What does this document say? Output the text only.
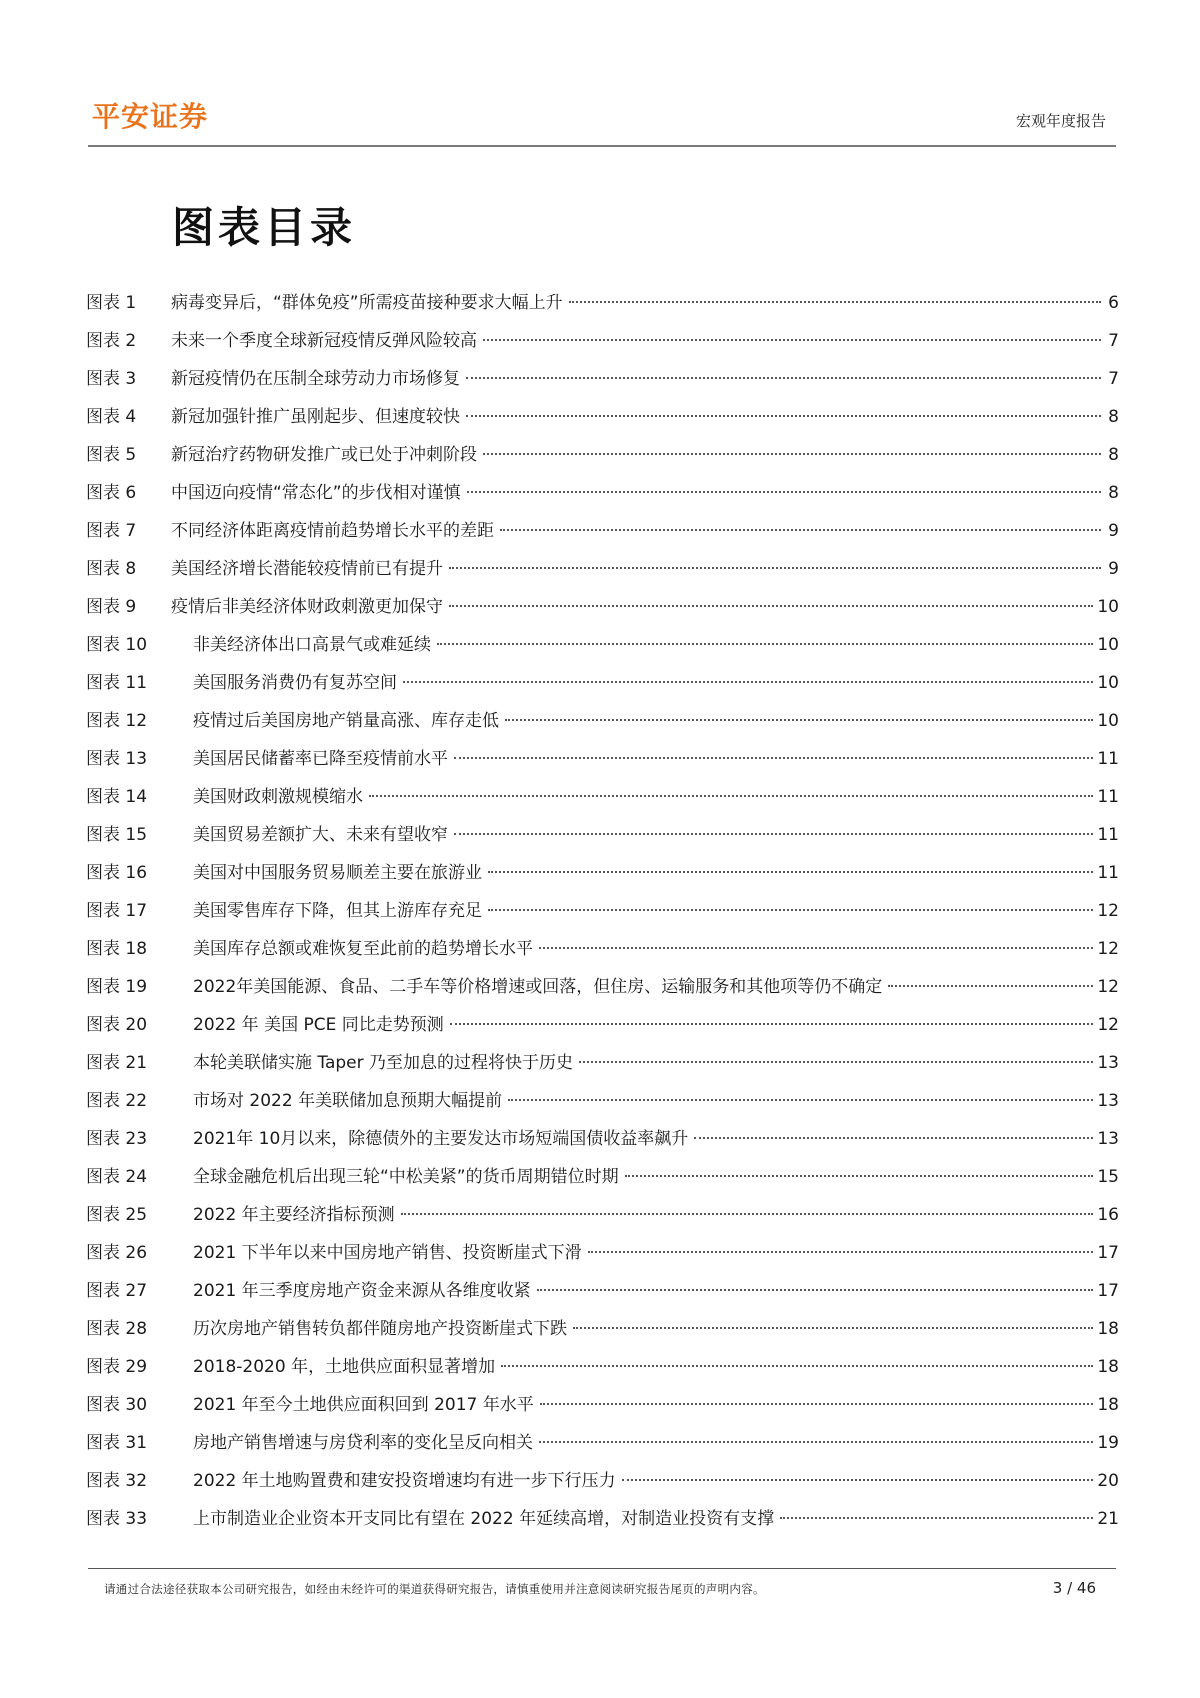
平安证券	宏观年度报告
图表目录
图表 1	病毒变异后，“群体免疫”所需疫苗接种要求大幅上升	6
图表 2	未来一个季度全球新冠疫情反弹风险较高	7
图表 3	新冠疫情仍在压制全球劳动力市场修复	7
图表 4	新冠加强针推广虽刚起步、但速度较快	8
图表 5	新冠治疗药物研发推广或已处于冲刺阶段	8
图表 6	中国迈向疫情“常态化”的步伐相对谨慎	8
图表 7	不同经济体距离疫情前趋势增长水平的差距	9
图表 8	美国经济增长潜能较疫情前已有提升	9
图表 9	疫情后非美经济体财政刺激更加保守	10
图表 10	非美经济体出口高景气或难延续	10
图表 11	美国服务消费仍有复苏空间	10
图表 12	疫情过后美国房地产销量高涨、库存走低	10
图表 13	美国居民储蓄率已降至疫情前水平	11
图表 14	美国财政刺激规模缩水	11
图表 15	美国贸易差额扩大、未来有望收窄	11
图表 16	美国对中国服务贸易顺差主要在旅游业	11
图表 17	美国零售库存下降，但其上游库存充足	12
图表 18	美国库存总额或难恢复至此前的趋势增长水平	12
图表 19	2022年美国能源、食品、二手车等价格增速或回落，但住房、运输服务和其他项等仍不确定	12
图表 20	2022 年 美国 PCE 同比走势预测	12
图表 21	本轮美联储实施 Taper 乃至加息的过程将快于历史	13
图表 22	市场对 2022 年美联储加息预期大幅提前	13
图表 23	2021年 10月以来，除德债外的主要发达市场短端国债收益率飙升	13
图表 24	全球金融危机后出现三轮“中松美紧”的货币周期错位时期	15
图表 25	2022 年主要经济指标预测	16
图表 26	2021 下半年以来中国房地产销售、投资断崖式下滑	17
图表 27	2021 年三季度房地产资金来源从各维度收紧	17
图表 28	历次房地产销售转负都伴随房地产投资断崖式下跌	18
图表 29	2018-2020 年，土地供应面积显著增加	18
图表 30	2021 年至今土地供应面积回到 2017 年水平	18
图表 31	房地产销售增速与房贷利率的变化呈反向相关	19
图表 32	2022 年土地购置费和建安投资增速均有进一步下行压力	20
图表 33	上市制造业企业资本开支同比有望在 2022 年延续高增，对制造业投资有支撑	21
请通过合法途径获取本公司研究报告，如经由未经许可的渠道获得研究报告，请慎重使用并注意阅读研究报告尾页的声明内容。	3 / 46
